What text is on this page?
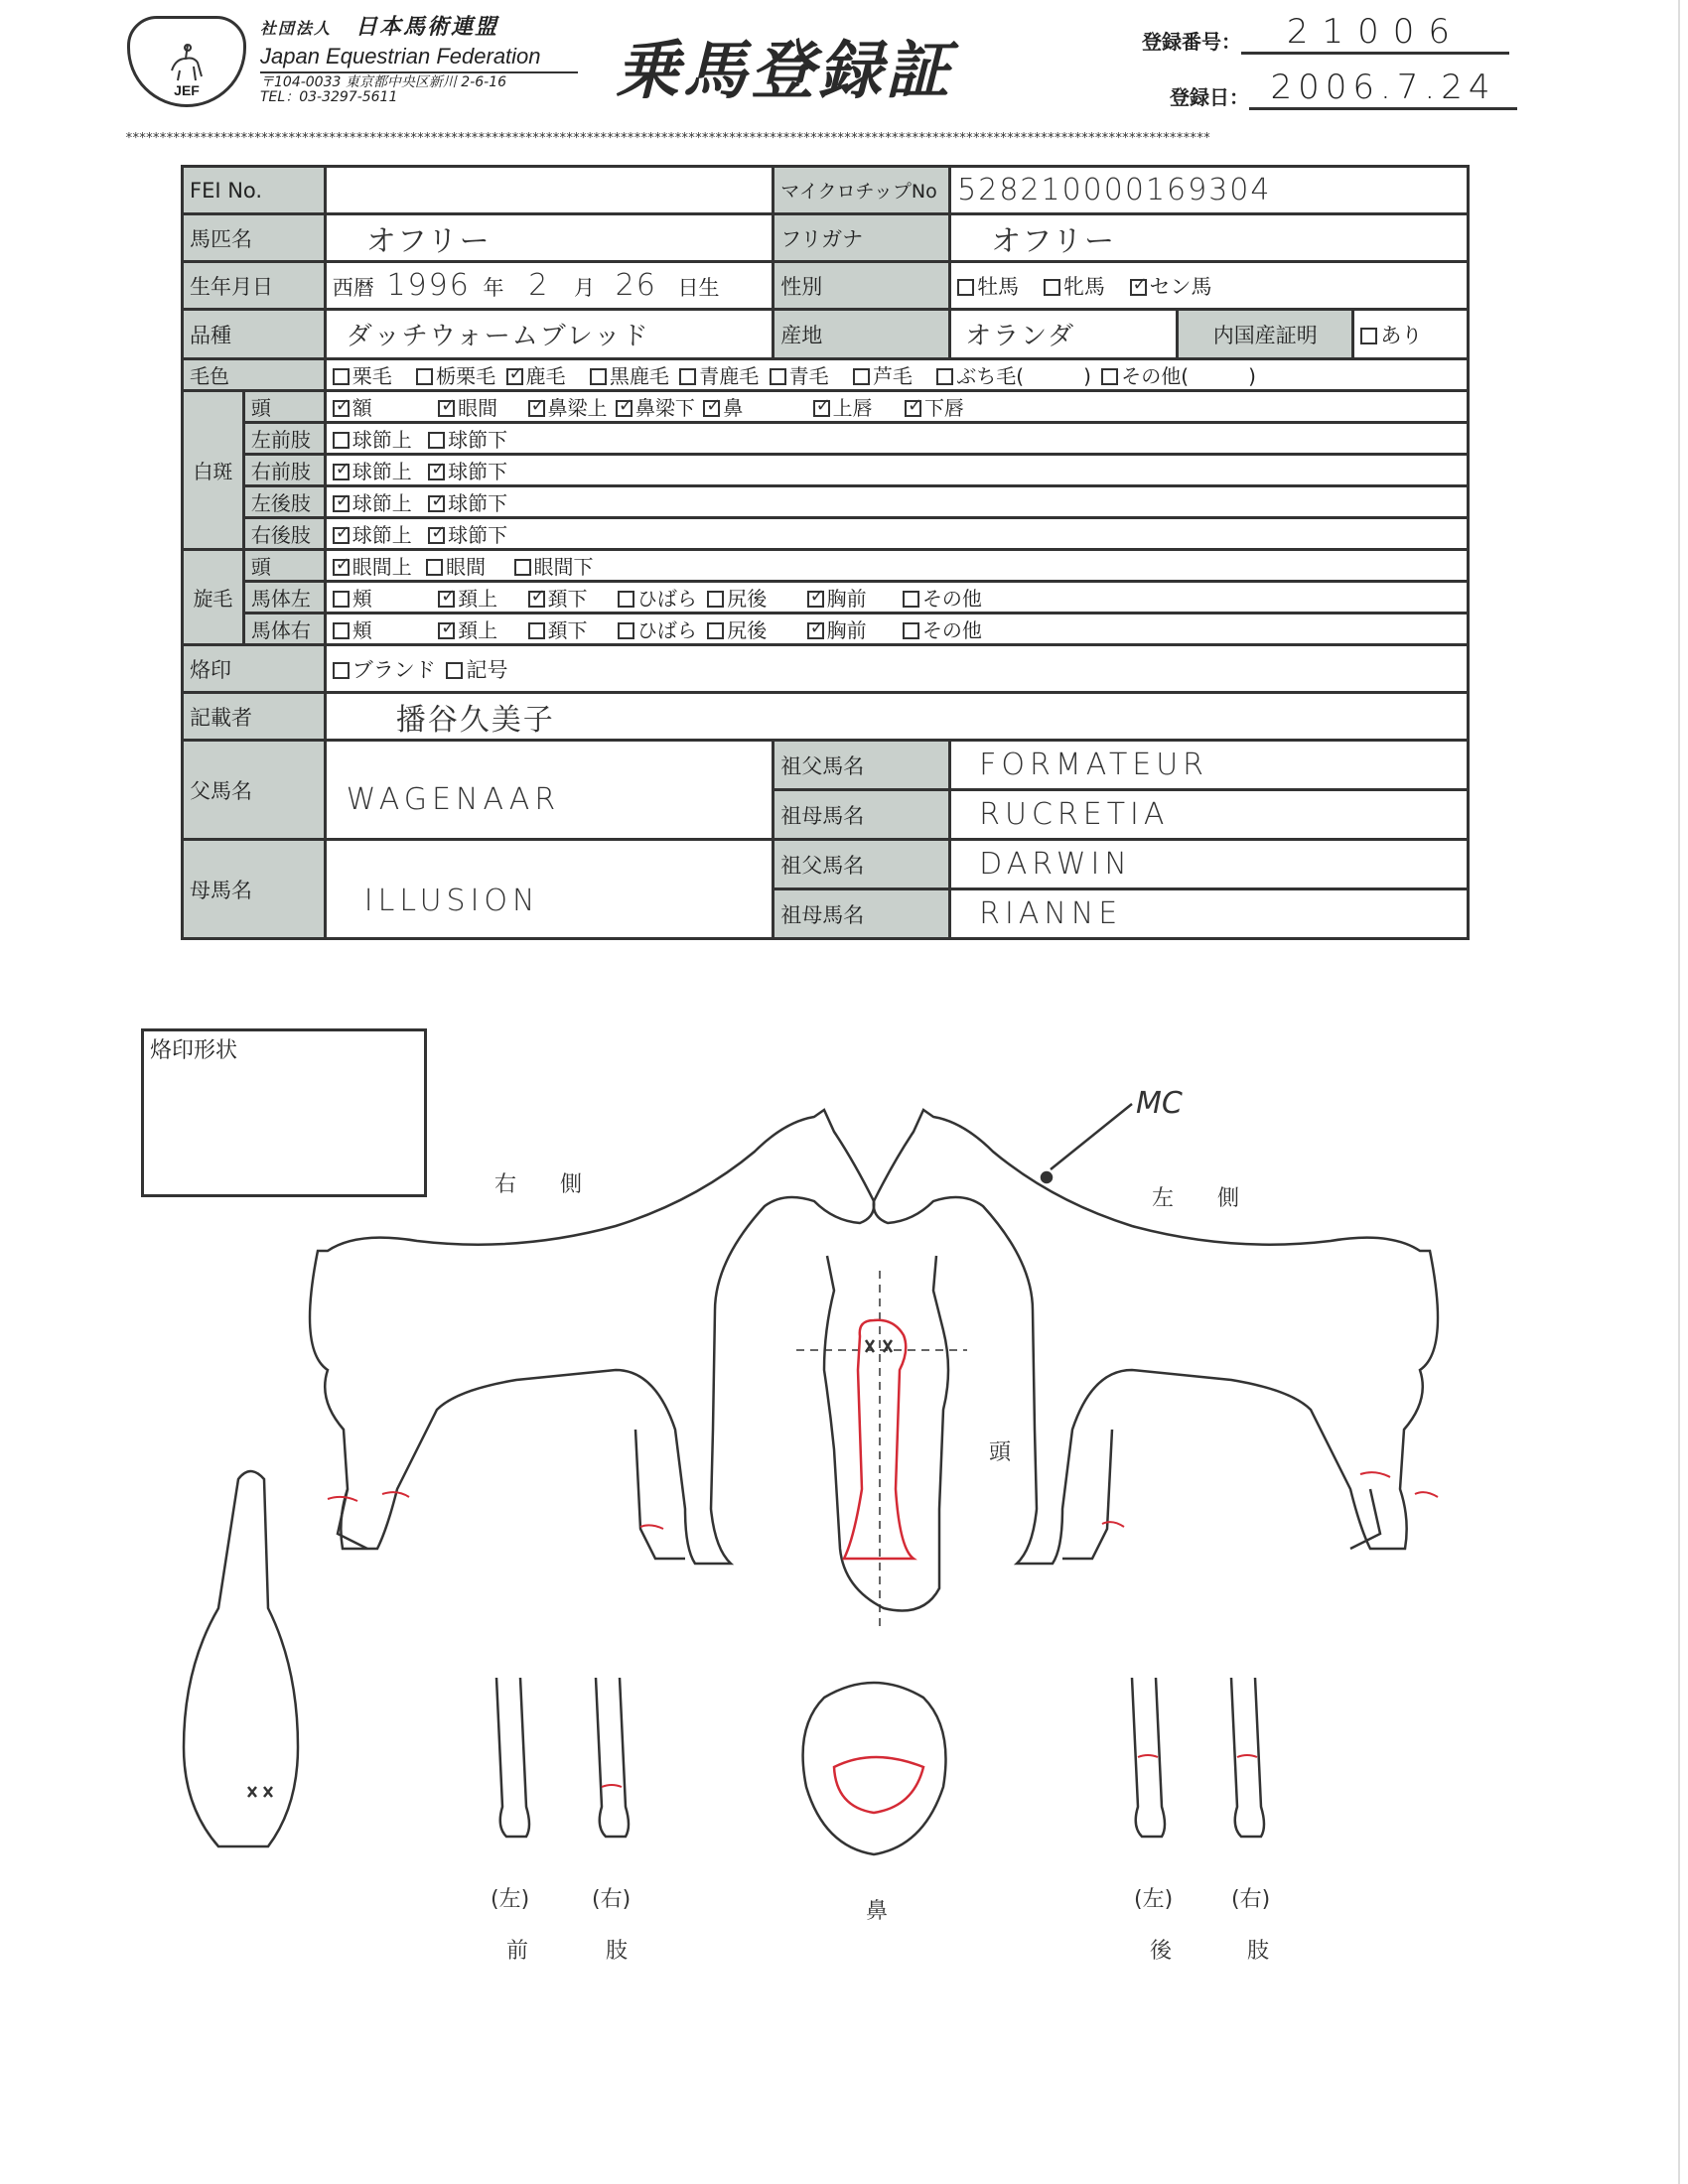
JEF
社団法人 日本馬術連盟
Japan Equestrian Federation
〒104-0033 東京都中央区新川 2-6-16
TEL：03-3297-5611	乗馬登録証	登録番号：	21006
登録日： 2006.7.24
****************************************************************************************************************************************************************
FEI No.			マイクロチップNo	528210000169304		
馬匹名		オフリー	フリガナ	オフリー		
生年月日		西暦 1996 年 2 月 26 日生	性別	牡馬 牝馬 ✓ セン馬
品種		ダッチウォームブレッド	産地	オランダ	内国産証明	あり
毛色		栗毛 栃栗毛 ✓ 鹿毛 黒鹿毛 青鹿毛 青毛 芦毛 ぶち毛(　　　) その他(　　　)
白斑	頭	✓額 ✓ 眼間 ✓ 鼻梁上 ✓ 鼻梁下 ✓ 鼻 ✓ 上唇 ✓ 下唇
	左前肢	球節上 球節下				
	右前肢	✓球節上 ✓ 球節下
	左後肢	✓球節上 ✓ 球節下
	右後肢	✓球節上 ✓ 球節下
旋毛	頭	✓眼間上 眼間 眼間下
	馬体左	頬 ✓ 頚上 ✓ 頚下 ひばら 尻後 ✓ 胸前 その他
	馬体右	頬 ✓ 頚上 頚下 ひばら 尻後 ✓ 胸前 その他
烙印		ブランド 記号				
記載者		播谷久美子				
父馬名		WAGENAAR	祖父馬名	FORMATEUR		
			祖母馬名	RUCRETIA		
母馬名		ILLUSION	祖父馬名	DARWIN		
			祖母馬名	RIANNE		
烙印形状
右　　側
左　　側
MC
頭
鼻
(左)	(右)
前	肢
(左)	(右)
後	肢
